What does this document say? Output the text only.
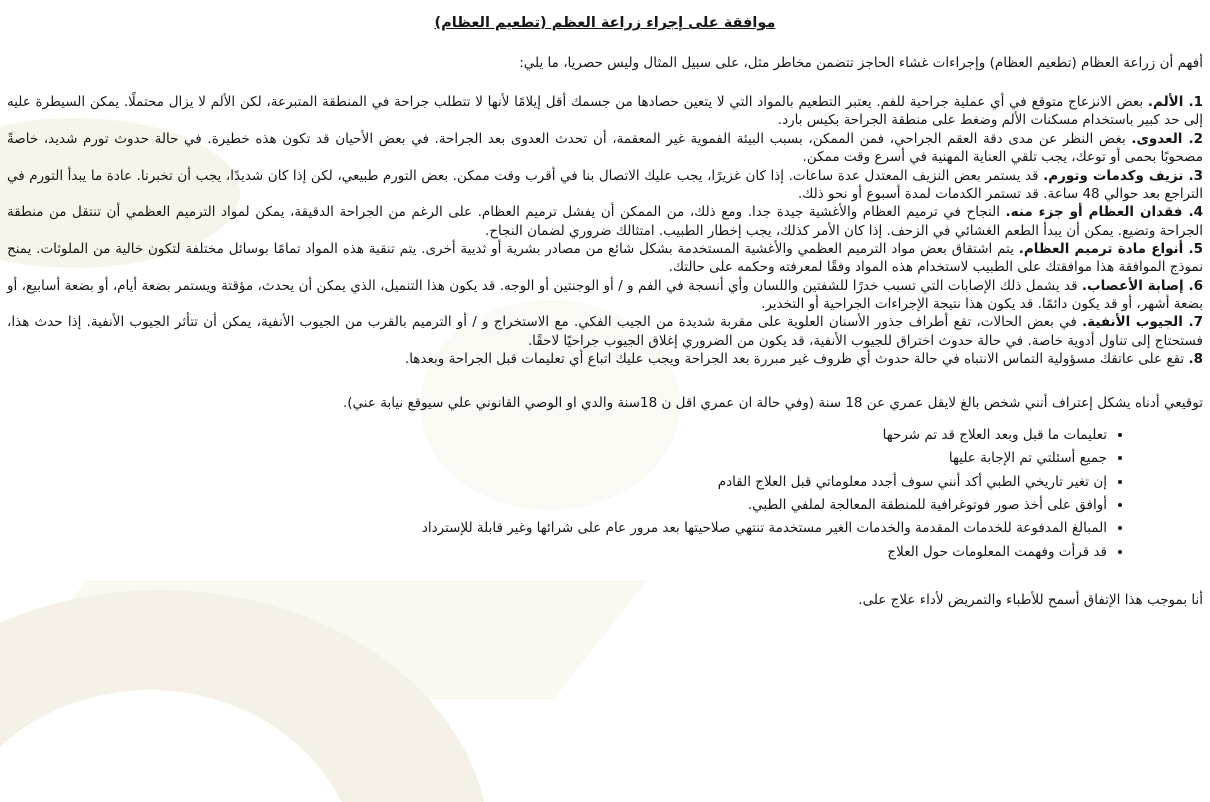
موافقة على إجراء زراعة العظم (تطعيم العظام)

أفهم أن زراعة العظام (تطعيم العظام) وإجراءات غشاء الحاجز تتضمن مخاطر مثل، على سبيل المثال وليس حصريا، ما يلي:

1. الألم. بعض الانزعاج متوقع في أي عملية جراحية للفم. يعتبر التطعيم بالمواد التي لا يتعين حصادها من جسمك أقل إيلامًا لأنها لا تتطلب جراحة في المنطقة المتبرعة، لكن الألم لا يزال محتملًا. يمكن السيطرة عليه إلى حد كبير باستخدام مسكنات الألم وضغط على منطقة الجراحة بكيس بارد.

2. العدوى. بغض النظر عن مدى دقة العقم الجراحي، فمن الممكن، بسبب البيئة الفموية غير المعقمة، أن تحدث العدوى بعد الجراحة. في بعض الأحيان قد تكون هذه خطيرة. في حالة حدوث تورم شديد، خاصةً مصحوبًا بحمى أو توعك، يجب تلقي العناية المهنية في أسرع وقت ممكن.

3. نزيف وكدمات وتورم. قد يستمر بعض النزيف المعتدل عدة ساعات. إذا كان غزيرًا، يجب عليك الاتصال بنا في أقرب وقت ممكن. بعض التورم طبيعي، لكن إذا كان شديدًا، يجب أن تخبرنا. عادة ما يبدأ التورم في التراجع بعد حوالي 48 ساعة. قد تستمر الكدمات لمدة أسبوع أو نحو ذلك.

4. فقدان العظام أو جزء منه. النجاح في ترميم العظام والأغشية جيدة جدا. ومع ذلك، من الممكن أن يفشل ترميم العظام. على الرغم من الجراحة الدقيقة، يمكن لمواد الترميم العظمي أن تنتقل من منطقة الجراحة وتضيع. يمكن أن يبدأ الطعم الغشائي في الزحف. إذا كان الأمر كذلك، يجب إخطار الطبيب. امتثالك ضروري لضمان النجاح.

5. أنواع مادة ترميم العظام. يتم اشتقاق بعض مواد الترميم العظمي والأغشية المستخدمة بشكل شائع من مصادر بشرية أو ثديية أخرى. يتم تنقية هذه المواد تمامًا بوسائل مختلفة لتكون خالية من الملوثات. يمنح نموذج الموافقة هذا موافقتك على الطبيب لاستخدام هذه المواد وفقًا لمعرفته وحكمه على حالتك.

6. إصابة الأعصاب. قد يشمل ذلك الإصابات التي تسبب خدرًا للشفتين واللسان وأي أنسجة في الفم و / أو الوجنتين أو الوجه. قد يكون هذا التنميل، الذي يمكن أن يحدث، مؤقتة ويستمر بضعة أيام، أو بضعة أسابيع، أو بضعة أشهر، أو قد يكون دائمًا. قد يكون هذا نتيجة الإجراءات الجراحية أو التخدير.

7. الجيوب الأنفية. في بعض الحالات، تقع أطراف جذور الأسنان العلوية على مقربة شديدة من الجيب الفكي. مع الاستخراج و / أو الترميم بالقرب من الجيوب الأنفية، يمكن أن تتأثر الجيوب الأنفية. إذا حدث هذا، فستحتاج إلى تناول أدوية خاصة. في حالة حدوث اختراق للجيوب الأنفية، قد يكون من الضروري إغلاق الجيوب جراحيًا لاحقًا.

8. تقع على عاتقك مسؤولية التماس الانتباه في حالة حدوث أي ظروف غير مبررة بعد الجراحة ويجب عليك اتباع أي تعليمات قبل الجراحة وبعدها.

توقيعي أدناه يشكل إعتراف أنني شخص بالغ لايقل عمري عن 18 سنة (وفي حالة ان عمري اقل ن 18سنة والدي او الوصي القانوني علي سيوقع نيابة عني).

• تعليمات ما قبل وبعد العلاج قد تم شرحها
• جميع أسئلتي تم الإجابة عليها
• إن تغير تاريخي الطبي أكد أنني سوف أجدد معلوماتي قبل العلاج القادم
• أوافق على أخذ صور فوتوغرافية للمنطقة المعالجة لملفي الطبي.
• المبالغ المدفوعة للخدمات المقدمة والخدمات الغير مستخدمة تنتهي صلاحيتها بعد مرور عام على شرائها وغير قابلة للإسترداد
• قد قرأت وفهمت المعلومات حول العلاج

أنا بموجب هذا الإتفاق أسمح للأطباء والتمريض لأداء علاج على.
